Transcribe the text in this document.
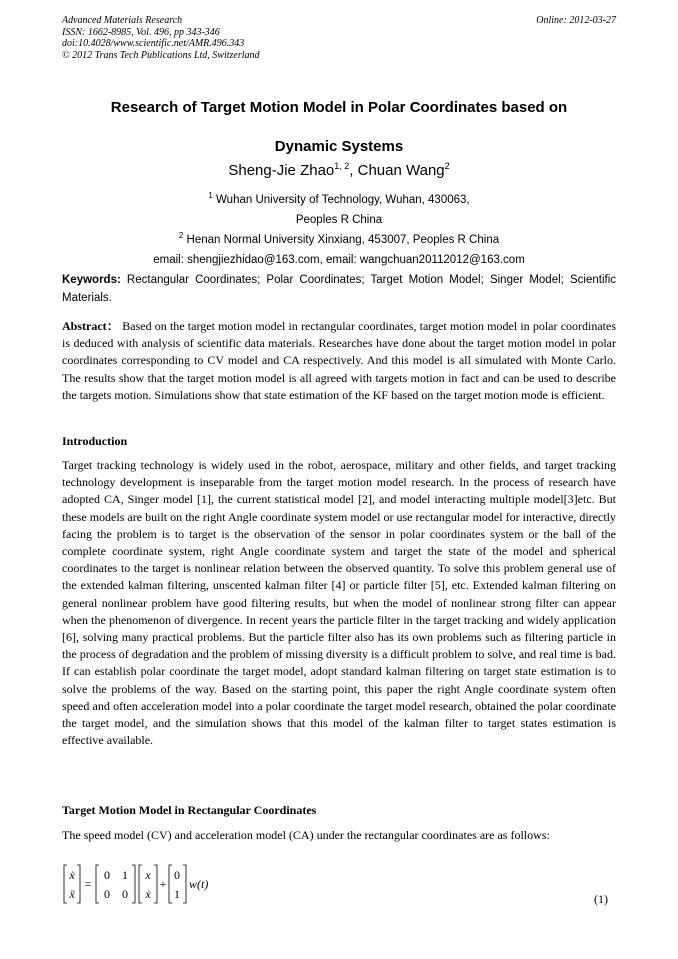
Advanced Materials Research
ISSN: 1662-8985, Vol. 496, pp 343-346
doi:10.4028/www.scientific.net/AMR.496.343
© 2012 Trans Tech Publications Ltd, Switzerland
Online: 2012-03-27
Research of Target Motion Model in Polar Coordinates based on
Dynamic Systems
Sheng-Jie Zhao$^{1, 2}$, Chuan Wang$^2$
$^1$ Wuhan University of Technology, Wuhan, 430063,
Peoples R China
$^2$ Henan Normal University Xinxiang, 453007, Peoples R China
email: shengjiezhidao@163.com, email: wangchuan20112012@163.com
Keywords: Rectangular Coordinates; Polar Coordinates; Target Motion Model; Singer Model; Scientific Materials.
Abstract： Based on the target motion model in rectangular coordinates, target motion model in polar coordinates is deduced with analysis of scientific data materials. Researches have done about the target motion model in polar coordinates corresponding to CV model and CA respectively. And this model is all simulated with Monte Carlo. The results show that the target motion model is all agreed with targets motion in fact and can be used to describe the targets motion. Simulations show that state estimation of the KF based on the target motion mode is efficient.
Introduction
Target tracking technology is widely used in the robot, aerospace, military and other fields, and target tracking technology development is inseparable from the target motion model research. In the process of research have adopted CA, Singer model [1], the current statistical model [2], and model interacting multiple model[3]etc. But these models are built on the right Angle coordinate system model or use rectangular model for interactive, directly facing the problem is to target is the observation of the sensor in polar coordinates system or the ball of the complete coordinate system, right Angle coordinate system and target the state of the model and spherical coordinates to the target is nonlinear relation between the observed quantity. To solve this problem general use of the extended kalman filtering, unscented kalman filter [4] or particle filter [5], etc. Extended kalman filtering on general nonlinear problem have good filtering results, but when the model of nonlinear strong filter can appear when the phenomenon of divergence. In recent years the particle filter in the target tracking and widely application [6], solving many practical problems. But the particle filter also has its own problems such as filtering particle in the process of degradation and the problem of missing diversity is a difficult problem to solve, and real time is bad. If can establish polar coordinate the target model, adopt standard kalman filtering on target state estimation is to solve the problems of the way. Based on the starting point, this paper the right Angle coordinate system often speed and often acceleration model into a polar coordinate the target model research, obtained the polar coordinate the target model, and the simulation shows that this model of the kalman filter to target states estimation is effective available.
Target Motion Model in Rectangular Coordinates
The speed model (CV) and acceleration model (CA) under the rectangular coordinates are as follows:
ẋ
ẍ
=
0 1
0 0
x
ẋ
+
0
1
w(t)
(1)
